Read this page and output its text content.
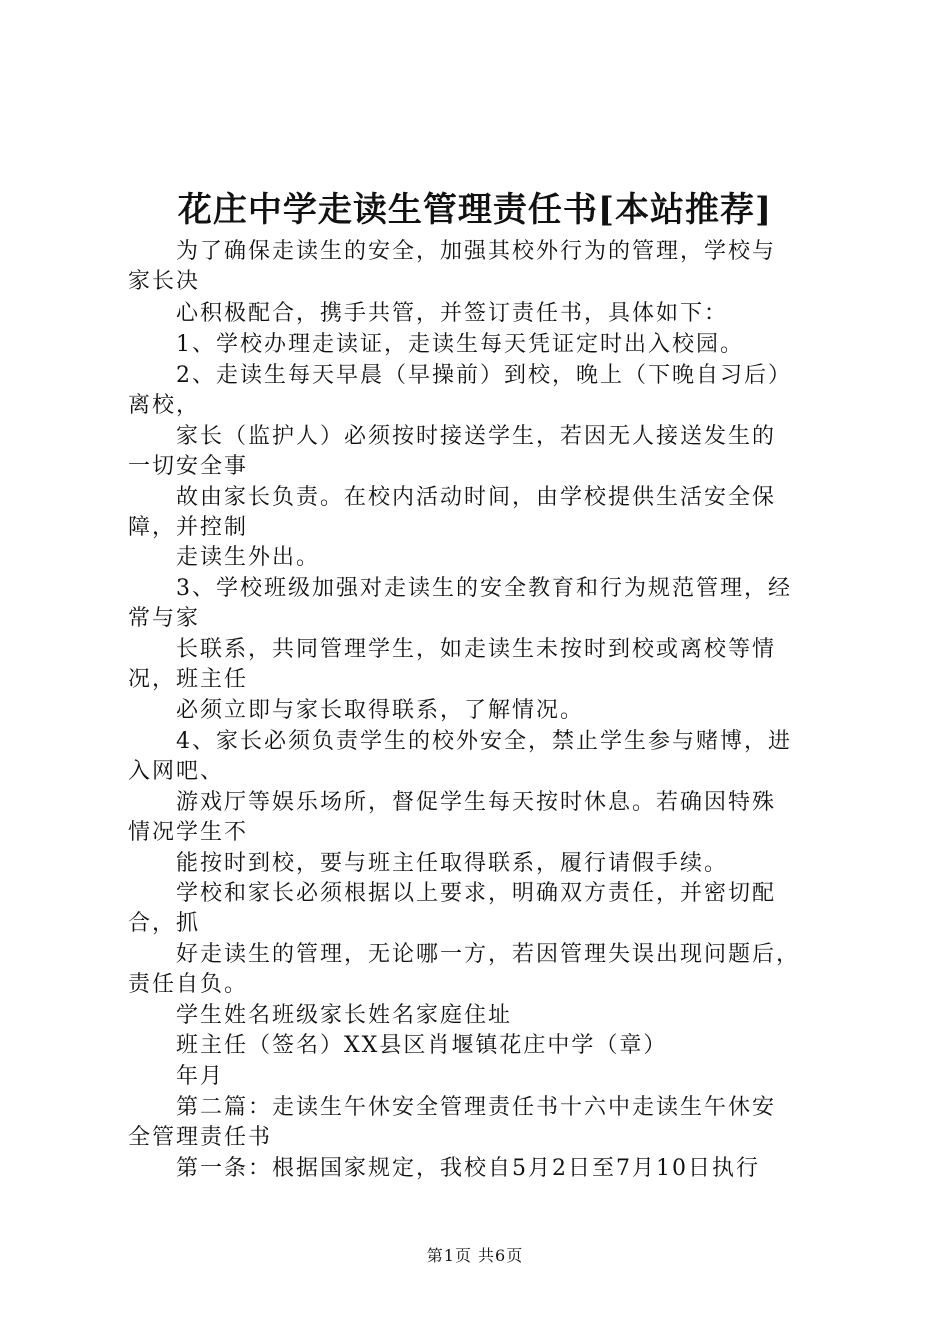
花庄中学走读生管理责任书[本站推荐]
　　为了确保走读生的安全，加强其校外行为的管理，学校与
家长决
　　心积极配合，携手共管，并签订责任书，具体如下：
　　1、学校办理走读证，走读生每天凭证定时出入校园。
　　2、走读生每天早晨（早操前）到校，晚上（下晚自习后）
离校，
　　家长（监护人）必须按时接送学生，若因无人接送发生的
一切安全事
　　故由家长负责。在校内活动时间，由学校提供生活安全保
障，并控制
　　走读生外出。
　　3、学校班级加强对走读生的安全教育和行为规范管理，经
常与家
　　长联系，共同管理学生，如走读生未按时到校或离校等情
况，班主任
　　必须立即与家长取得联系，了解情况。
　　4、家长必须负责学生的校外安全，禁止学生参与赌博，进
入网吧、
　　游戏厅等娱乐场所，督促学生每天按时休息。若确因特殊
情况学生不
　　能按时到校，要与班主任取得联系，履行请假手续。
　　学校和家长必须根据以上要求，明确双方责任，并密切配
合，抓
　　好走读生的管理，无论哪一方，若因管理失误出现问题后，
责任自负。
　　学生姓名班级家长姓名家庭住址
　　班主任（签名）XX县区肖堰镇花庄中学（章）
　　年月
　　第二篇：走读生午休安全管理责任书十六中走读生午休安
全管理责任书
　　第一条：根据国家规定，我校自5月2日至7月10日执行
第1页 共6页
